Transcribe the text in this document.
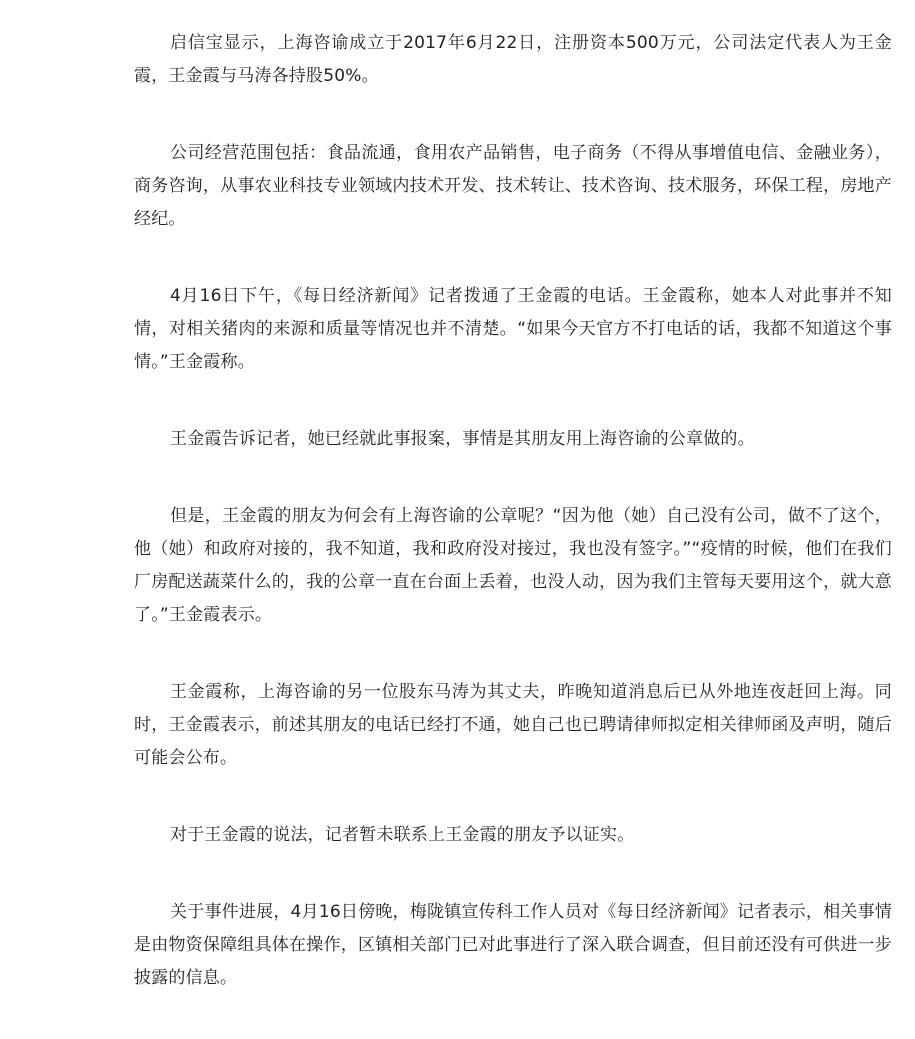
启信宝显示，上海咨谕成立于2017年6月22日，注册资本500万元，公司法定代表人为王金霞，王金霞与马涛各持股50%。

公司经营范围包括：食品流通，食用农产品销售，电子商务（不得从事增值电信、金融业务），商务咨询，从事农业科技专业领域内技术开发、技术转让、技术咨询、技术服务，环保工程，房地产经纪。

4月16日下午，《每日经济新闻》记者拨通了王金霞的电话。王金霞称，她本人对此事并不知情，对相关猪肉的来源和质量等情况也并不清楚。“如果今天官方不打电话的话，我都不知道这个事情。”王金霞称。

王金霞告诉记者，她已经就此事报案，事情是其朋友用上海咨谕的公章做的。

但是，王金霞的朋友为何会有上海咨谕的公章呢？“因为他（她）自己没有公司，做不了这个，他（她）和政府对接的，我不知道，我和政府没对接过，我也没有签字。”“疫情的时候，他们在我们厂房配送蔬菜什么的，我的公章一直在台面上丢着，也没人动，因为我们主管每天要用这个，就大意了。”王金霞表示。

王金霞称，上海咨谕的另一位股东马涛为其丈夫，昨晚知道消息后已从外地连夜赶回上海。同时，王金霞表示，前述其朋友的电话已经打不通，她自己也已聘请律师拟定相关律师函及声明，随后可能会公布。

对于王金霞的说法，记者暂未联系上王金霞的朋友予以证实。

关于事件进展，4月16日傍晚，梅陇镇宣传科工作人员对《每日经济新闻》记者表示，相关事情是由物资保障组具体在操作，区镇相关部门已对此事进行了深入联合调查，但目前还没有可供进一步披露的信息。
